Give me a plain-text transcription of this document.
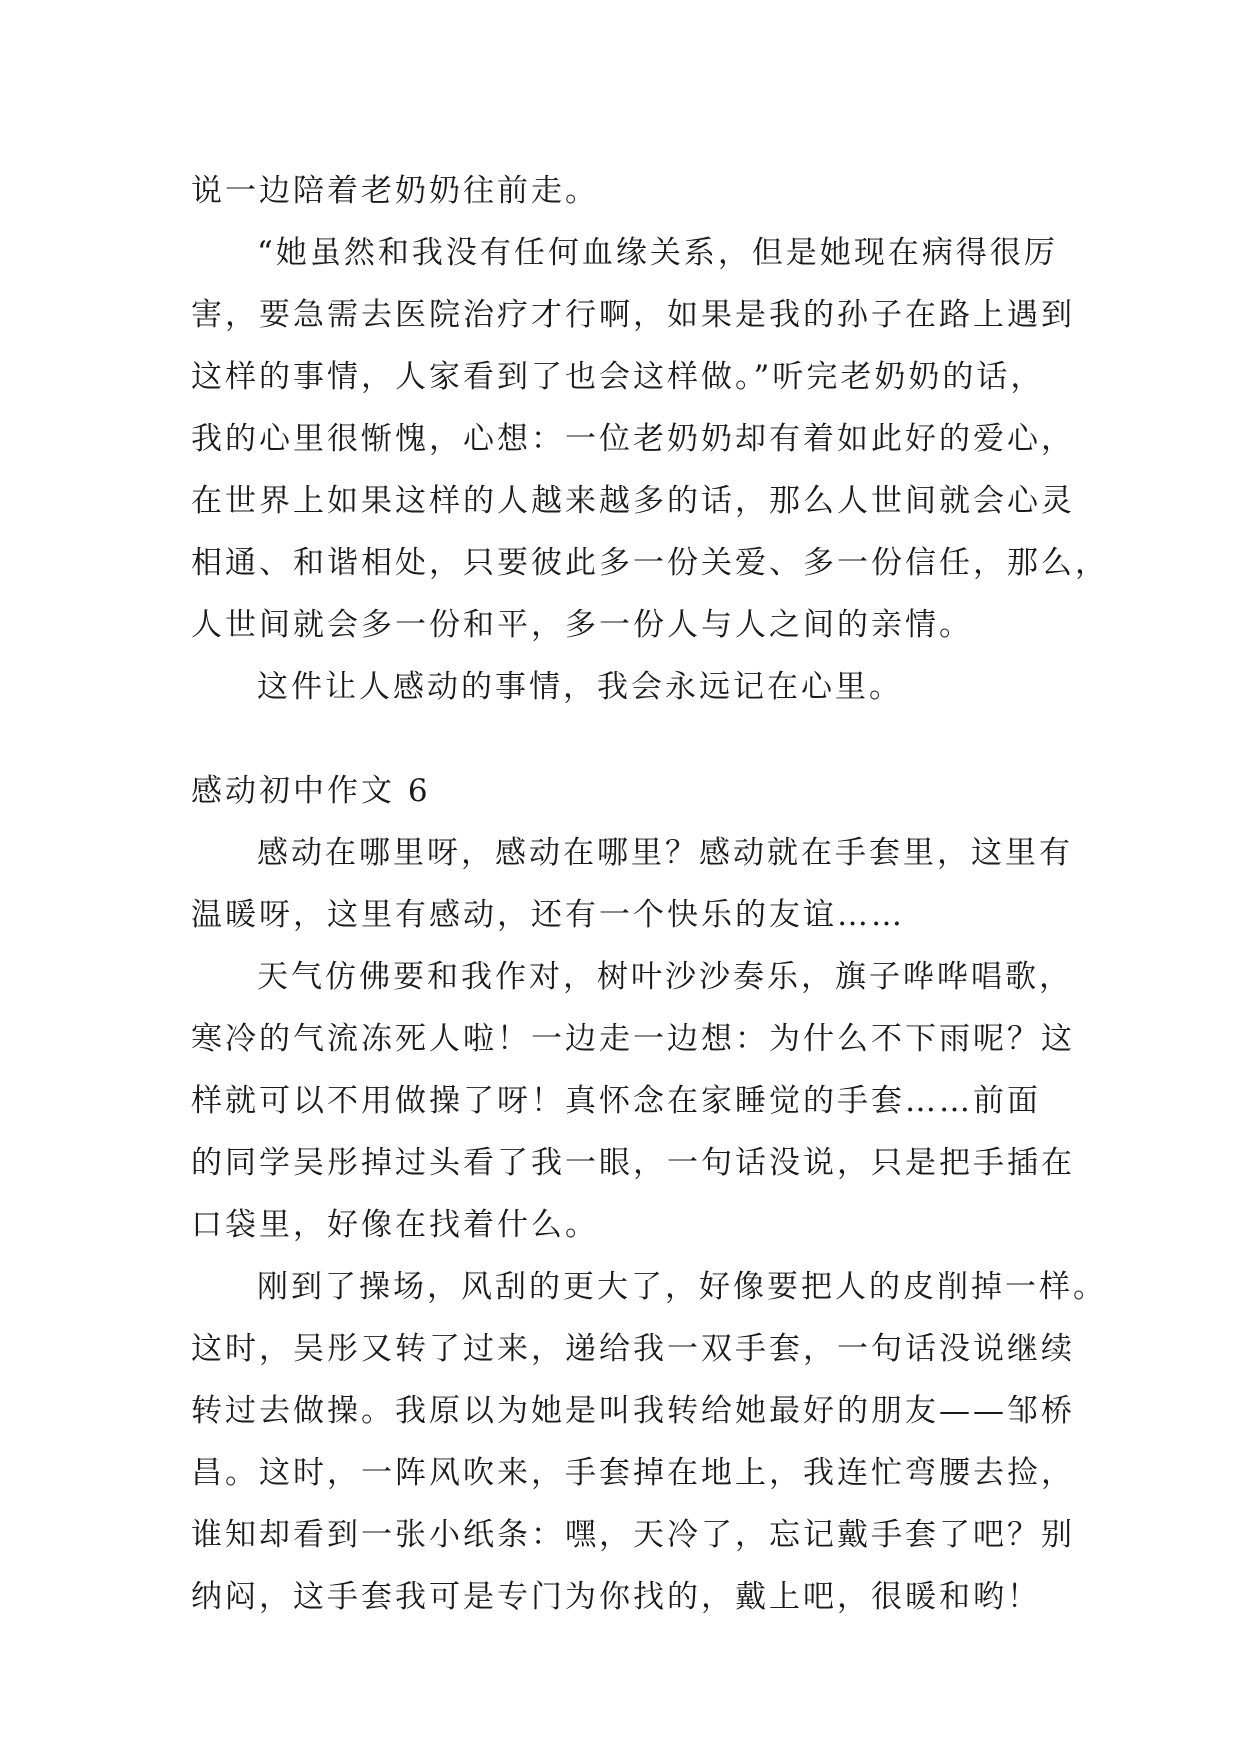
说一边陪着老奶奶往前走。
“她虽然和我没有任何血缘关系，但是她现在病得很厉
害，要急需去医院治疗才行啊，如果是我的孙子在路上遇到
这样的事情，人家看到了也会这样做。”听完老奶奶的话，
我的心里很惭愧，心想：一位老奶奶却有着如此好的爱心，
在世界上如果这样的人越来越多的话，那么人世间就会心灵
相通、和谐相处，只要彼此多一份关爱、多一份信任，那么，
人世间就会多一份和平，多一份人与人之间的亲情。
这件让人感动的事情，我会永远记在心里。
感动初中作文 6
感动在哪里呀，感动在哪里？感动就在手套里，这里有
温暖呀，这里有感动，还有一个快乐的友谊……
天气仿佛要和我作对，树叶沙沙奏乐，旗子哗哗唱歌，
寒冷的气流冻死人啦！一边走一边想：为什么不下雨呢？这
样就可以不用做操了呀！真怀念在家睡觉的手套……前面
的同学吴彤掉过头看了我一眼，一句话没说，只是把手插在
口袋里，好像在找着什么。
刚到了操场，风刮的更大了，好像要把人的皮削掉一样。
这时，吴彤又转了过来，递给我一双手套，一句话没说继续
转过去做操。我原以为她是叫我转给她最好的朋友——邹桥
昌。这时，一阵风吹来，手套掉在地上，我连忙弯腰去捡，
谁知却看到一张小纸条：嘿，天冷了，忘记戴手套了吧？别
纳闷，这手套我可是专门为你找的，戴上吧，很暖和哟！
